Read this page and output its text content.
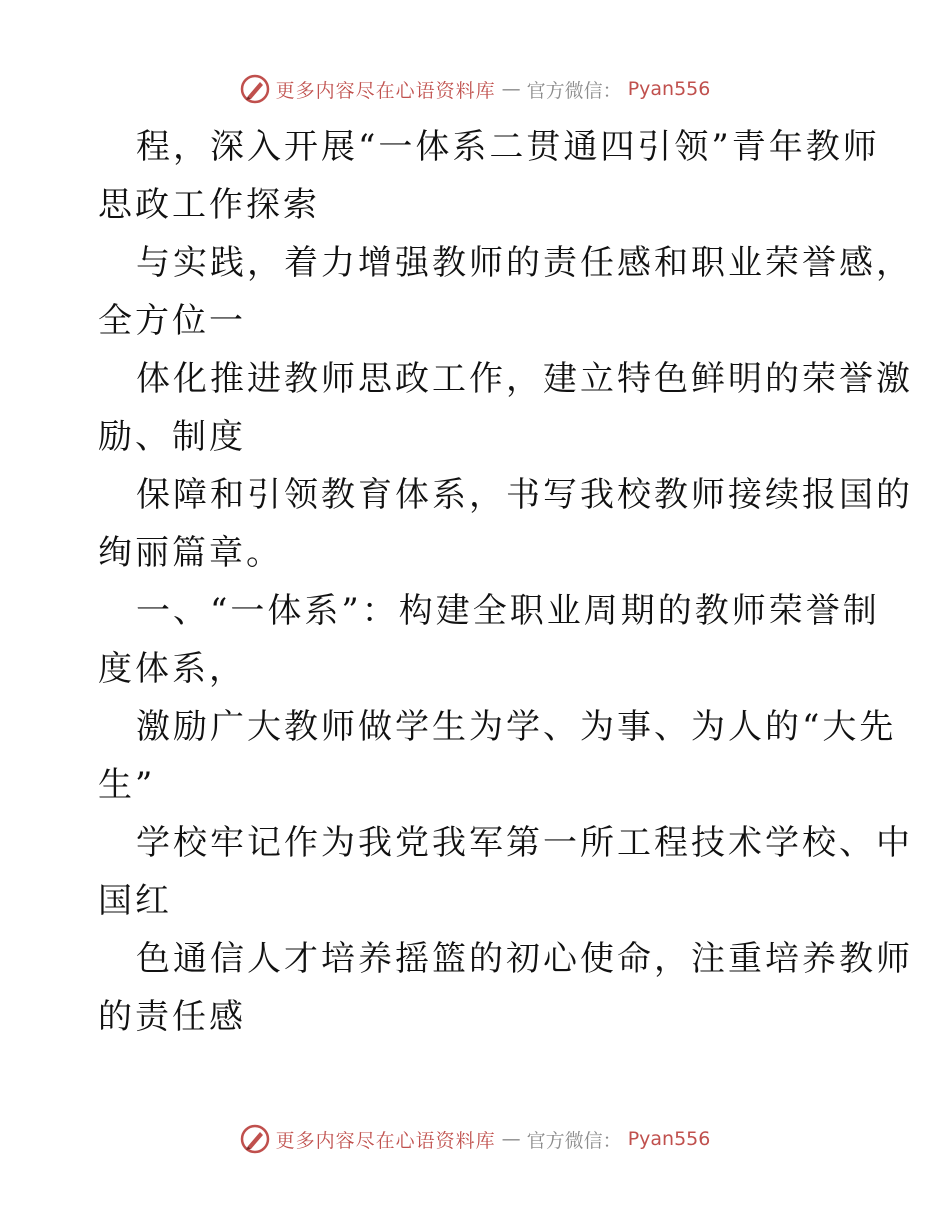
更多内容尽在心语资料库 — 官方微信： Pyan556
程，深入开展“一体系二贯通四引领”青年教师
思政工作探索
与实践，着力增强教师的责任感和职业荣誉感，
全方位一
体化推进教师思政工作，建立特色鲜明的荣誉激
励、制度
保障和引领教育体系，书写我校教师接续报国的
绚丽篇章。
一、“一体系”：构建全职业周期的教师荣誉制
度体系，
激励广大教师做学生为学、为事、为人的“大先
生”
学校牢记作为我党我军第一所工程技术学校、中
国红
色通信人才培养摇篮的初心使命，注重培养教师
的责任感
更多内容尽在心语资料库 — 官方微信： Pyan556
